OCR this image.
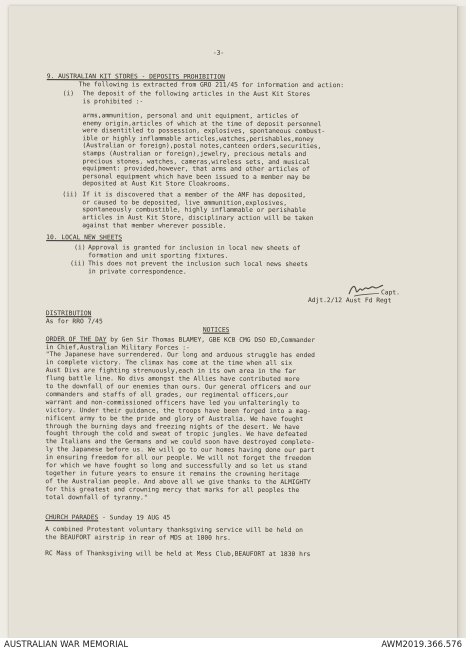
-3-
9. AUSTRALIAN KIT STORES - DEPOSITS PROHIBITION
The following is extracted from GRO 211/45 for information and action:
(i) The deposit of the following articles in the Aust Kit Stores
is prohibited :-
arms,ammunition, personal and unit equipment, articles of
enemy origin,articles of which at the time of deposit personnel
were disentitled to possession, explosives, spontaneous combust-
ible or highly inflammable articles,watches,perishables,money
(Australian or foreign),postal notes,canteen orders,securities,
stamps (Australian or foreign),jewelry, precious metals and
precious stones, watches, cameras,wireless sets, and musical
equipment: provided,however, that arms and other articles of
personal equipment which have been issued to a member may be
deposited at Aust Kit Store Cloakrooms.
(ii) If it is discovered that a member of the AMF has deposited,
or caused to be deposited, live ammunition,explosives,
spontaneously combustible, highly inflammable or perishable
articles in Aust Kit Store, disciplinary action will be taken
against that member wherever possible.
10. LOCAL NEW SHEETS
(i) Approval is granted for inclusion in local new sheets of
formation and unit sporting fixtures.
(ii) This does not prevent the inclusion such local news sheets
in private correspondence.
Capt.
Adjt.2/12 Aust Fd Regt
DISTRIBUTION
As for RRO 7/45
NOTICES
ORDER OF THE DAY by Gen Sir Thomas BLAMEY, GBE KCB CMG DSO ED,Commander
in Chief,Australian Military Forces :-
"The Japanese have surrendered. Our long and arduous struggle has ended
in complete victory. The climax has come at the time when all six
Aust Divs are fighting strenuously,each in its own area in the far
flung battle line. No divs amongst the Allies have contributed more
to the downfall of our enemies than ours. Our general officers and our
commanders and staffs of all grades, our regimental officers,our
warrant and non-commissioned officers have led you unfalteringly to
victory. Under their guidance, the troops have been forged into a mag-
nificent army to be the pride and glory of Australia. We have fought
through the burning days and freezing nights of the desert. We have
fought through the cold and sweat of tropic jungles. We have defeated
the Italians and the Germans and we could soon have destroyed complete-
ly the Japanese before us. We will go to our homes having done our part
in ensuring freedom for all our people. We will not forget the freedom
for which we have fought so long and successfully and so let us stand
together in future years to ensure it remains the crowning heritage
of the Australian people. And above all we give thanks to the ALMIGHTY
for this greatest and crowning mercy that marks for all peoples the
total downfall of tyranny."
CHURCH PARADES - Sunday 19 AUG 45
A combined Protestant voluntary thanksgiving service will be held on
the BEAUFORT airstrip in rear of MDS at 1000 hrs.
RC Mass of Thanksgiving will be held at Mess Club,BEAUFORT at 1830 hrs
AUSTRALIAN WAR MEMORIAL	AWM2019.366.576
